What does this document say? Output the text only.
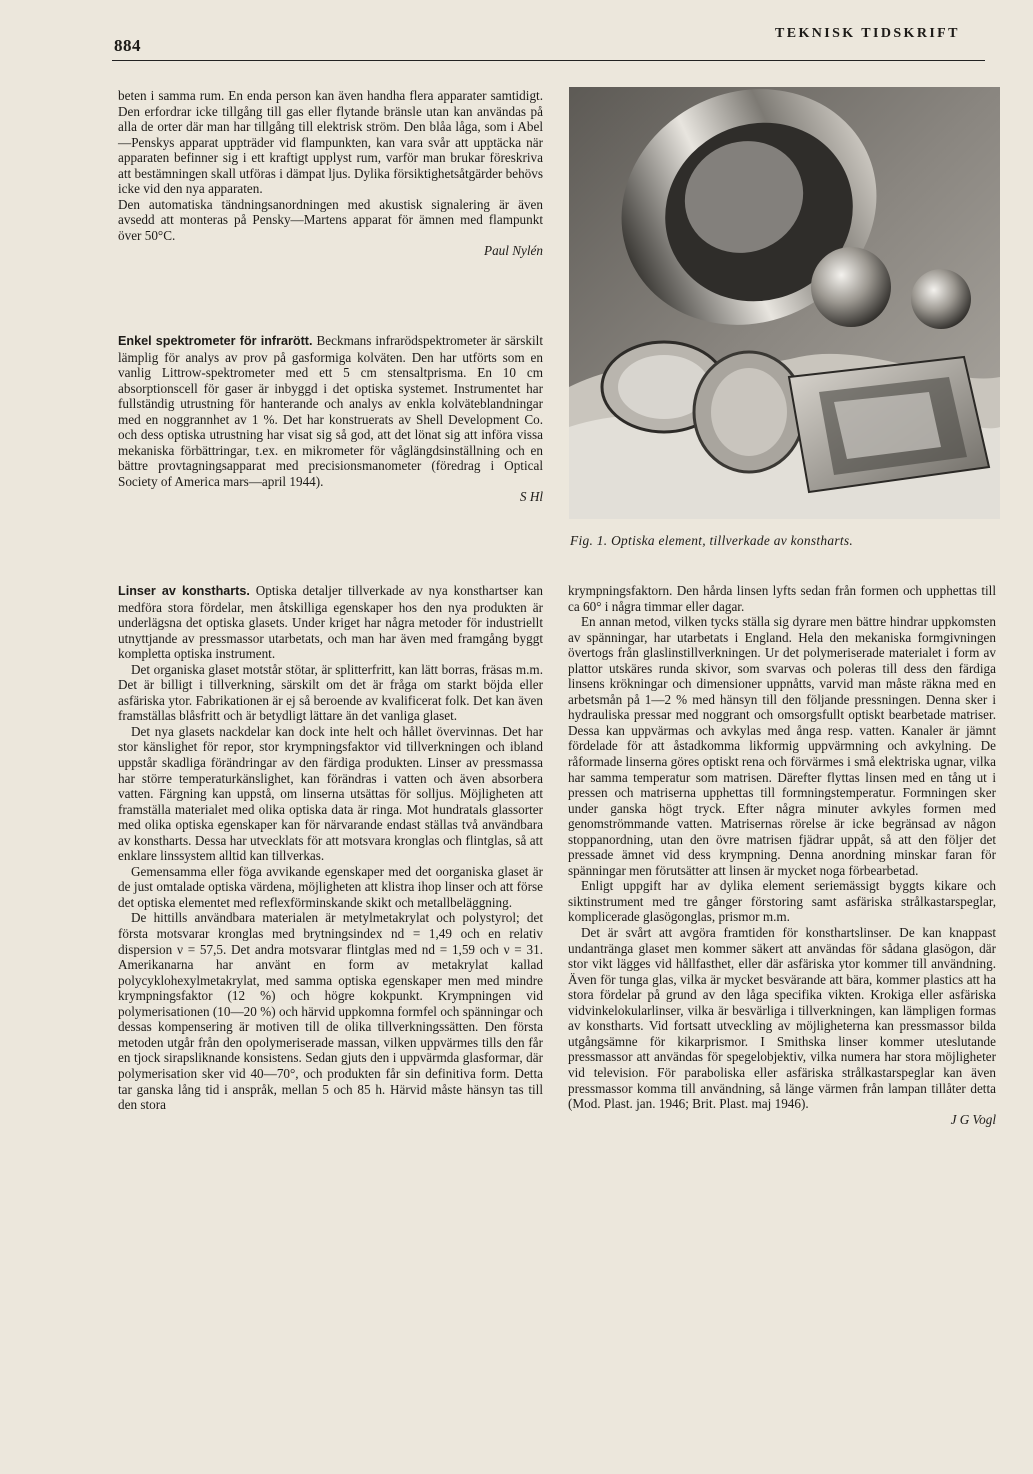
884
TEKNISK TIDSKRIFT

beten i samma rum. En enda person kan även handha flera apparater samtidigt. Den erfordrar icke tillgång till gas eller flytande bränsle utan kan användas på alla de orter där man har tillgång till elektrisk ström. Den blåa låga, som i Abel—Penskys apparat uppträder vid flampunkten, kan vara svår att upptäcka när apparaten befinner sig i ett kraftigt upplyst rum, varför man brukar föreskriva att bestämningen skall utföras i dämpat ljus. Dylika försiktighetsåtgärder behövs icke vid den nya apparaten.

Den automatiska tändningsanordningen med akustisk signalering är även avsedd att monteras på Pensky—Martens apparat för ämnen med flampunkt över 50°C.

Paul Nylén

Enkel spektrometer för infrarött. Beckmans infrarödspektrometer är särskilt lämplig för analys av prov på gasformiga kolväten. Den har utförts som en vanlig Littrow-spektrometer med ett 5 cm stensaltprisma. En 10 cm absorptionscell för gaser är inbyggd i det optiska systemet. Instrumentet har fullständig utrustning för hanterande och analys av enkla kolväteblandningar med en noggrannhet av 1 %. Det har konstruerats av Shell Development Co. och dess optiska utrustning har visat sig så god, att det lönat sig att införa vissa mekaniska förbättringar, t.ex. en mikrometer för våglängdsinställning och en bättre provtagningsapparat med precisionsmanometer (föredrag i Optical Society of America mars—april 1944).

S Hl

Fig. 1. Optiska element, tillverkade av konstharts.

Linser av konstharts. Optiska detaljer tillverkade av nya konsthartser kan medföra stora fördelar, men åtskilliga egenskaper hos den nya produkten är underlägsna det optiska glasets. Under kriget har några metoder för industriellt utnyttjande av pressmassor utarbetats, och man har även med framgång byggt kompletta optiska instrument.

Det organiska glaset motstår stötar, är splitterfritt, kan lätt borras, fräsas m.m. Det är billigt i tillverkning, särskilt om det är fråga om starkt böjda eller asfäriska ytor. Fabrikationen är ej så beroende av kvalificerat folk. Det kan även framställas blåsfritt och är betydligt lättare än det vanliga glaset.

Det nya glasets nackdelar kan dock inte helt och hållet övervinnas. Det har stor känslighet för repor, stor krympningsfaktor vid tillverkningen och ibland uppstår skadliga förändringar av den färdiga produkten. Linser av pressmassa har större temperaturkänslighet, kan förändras i vatten och även absorbera vatten. Färgning kan uppstå, om linserna utsättas för solljus. Möjligheten att framställa materialet med olika optiska data är ringa. Mot hundratals glassorter med olika optiska egenskaper kan för närvarande endast ställas två användbara av konstharts. Dessa har utvecklats för att motsvara kronglas och flintglas, så att enklare linssystem alltid kan tillverkas.

Gemensamma eller föga avvikande egenskaper med det oorganiska glaset är de just omtalade optiska värdena, möjligheten att klistra ihop linser och att förse det optiska elementet med reflexförminskande skikt och metallbeläggning.

De hittills användbara materialen är metylmetakrylat och polystyrol; det första motsvarar kronglas med brytningsindex nd = 1,49 och en relativ dispersion ν = 57,5. Det andra motsvarar flintglas med nd = 1,59 och ν = 31. Amerikanarna har använt en form av metakrylat kallad polycyklohexylmetakrylat, med samma optiska egenskaper men med mindre krympningsfaktor (12 %) och högre kokpunkt. Krympningen vid polymerisationen (10—20 %) och härvid uppkomna formfel och spänningar och dessas kompensering är motiven till de olika tillverkningssätten. Den första metoden utgår från den opolymeriserade massan, vilken uppvärmes tills den får en tjock sirapsliknande konsistens. Sedan gjuts den i uppvärmda glasformar, där polymerisation sker vid 40—70°, och produkten får sin definitiva form. Detta tar ganska lång tid i anspråk, mellan 5 och 85 h. Härvid måste hänsyn tas till den stora

krympningsfaktorn. Den hårda linsen lyfts sedan från formen och upphettas till ca 60° i några timmar eller dagar.

En annan metod, vilken tycks ställa sig dyrare men bättre hindrar uppkomsten av spänningar, har utarbetats i England. Hela den mekaniska formgivningen övertogs från glaslinstillverkningen. Ur det polymeriserade materialet i form av plattor utskäres runda skivor, som svarvas och poleras till dess den färdiga linsens krökningar och dimensioner uppnåtts, varvid man måste räkna med en arbetsmån på 1—2 % med hänsyn till den följande pressningen. Denna sker i hydrauliska pressar med noggrant och omsorgsfullt optiskt bearbetade matriser. Dessa kan uppvärmas och avkylas med ånga resp. vatten. Kanaler är jämnt fördelade för att åstadkomma likformig uppvärmning och avkylning. De råformade linserna göres optiskt rena och förvärmes i små elektriska ugnar, vilka har samma temperatur som matrisen. Därefter flyttas linsen med en tång ut i pressen och matriserna upphettas till formningstemperatur. Formningen sker under ganska högt tryck. Efter några minuter avkyles formen med genomströmmande vatten. Matrisernas rörelse är icke begränsad av någon stoppanordning, utan den övre matrisen fjädrar uppåt, så att den följer det pressade ämnet vid dess krympning. Denna anordning minskar faran för spänningar men förutsätter att linsen är mycket noga förbearbetad.

Enligt uppgift har av dylika element seriemässigt byggts kikare och siktinstrument med tre gånger förstoring samt asfäriska strålkastarspeglar, komplicerade glasögonglas, prismor m.m.

Det är svårt att avgöra framtiden för konsthartslinser. De kan knappast undantränga glaset men kommer säkert att användas för sådana glasögon, där stor vikt lägges vid hållfasthet, eller där asfäriska ytor kommer till användning. Även för tunga glas, vilka är mycket besvärande att bära, kommer plastics att ha stora fördelar på grund av den låga specifika vikten. Krokiga eller asfäriska vidvinkelokularlinser, vilka är besvärliga i tillverkningen, kan lämpligen formas av konstharts. Vid fortsatt utveckling av möjligheterna kan pressmassor bilda utgångsämne för kikarprismor. I Smithska linser kommer uteslutande pressmassor att användas för spegelobjektiv, vilka numera har stora möjligheter vid television. För paraboliska eller asfäriska strålkastarspeglar kan även pressmassor komma till användning, så länge värmen från lampan tillåter detta (Mod. Plast. jan. 1946; Brit. Plast. maj 1946).

J G Vogl
